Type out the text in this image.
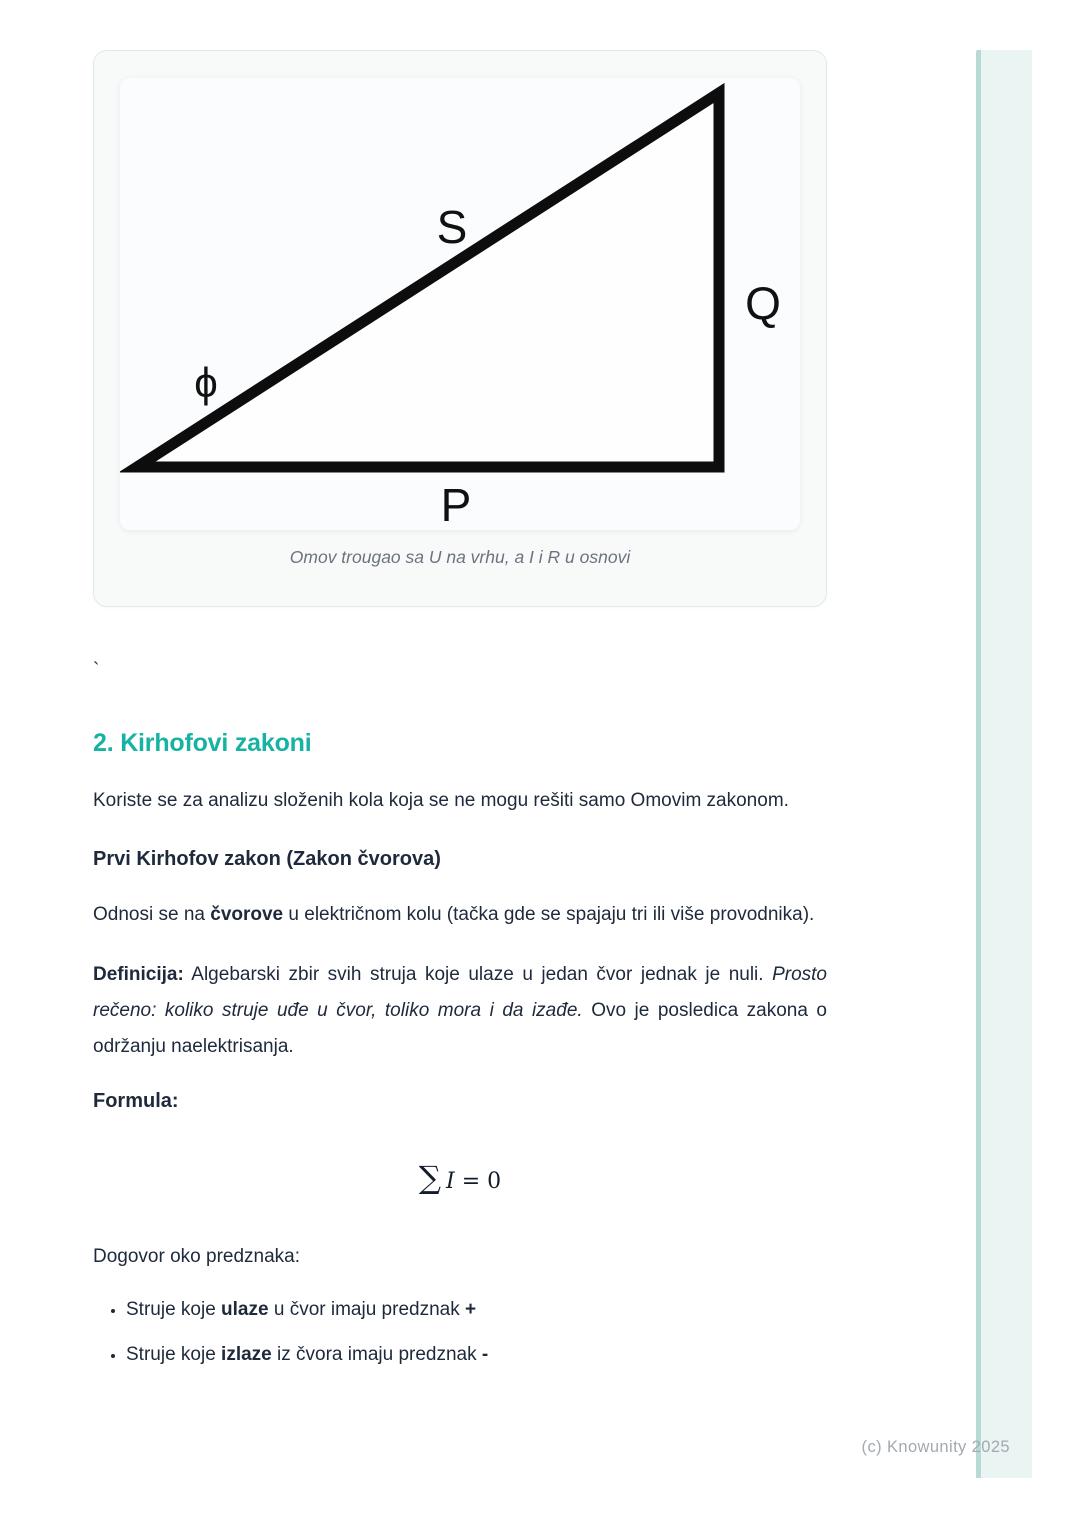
S
Q
P
ϕ
Omov trougao sa U na vrhu, a I i R u osnovi

`

2. Kirhofovi zakoni

Koriste se za analizu složenih kola koja se ne mogu rešiti samo Omovim zakonom.

Prvi Kirhofov zakon (Zakon čvorova)

Odnosi se na čvorove u električnom kolu (tačka gde se spajaju tri ili više provodnika).

Definicija: Algebarski zbir svih struja koje ulaze u jedan čvor jednak je nuli. Prosto rečeno: koliko struje uđe u čvor, toliko mora i da izađe. Ovo je posledica zakona o održanju naelektrisanja.

Formula:

∑ I = 0

Dogovor oko predznaka:

• Struje koje ulaze u čvor imaju predznak +
• Struje koje izlaze iz čvora imaju predznak -
(c) Knowunity 2025
